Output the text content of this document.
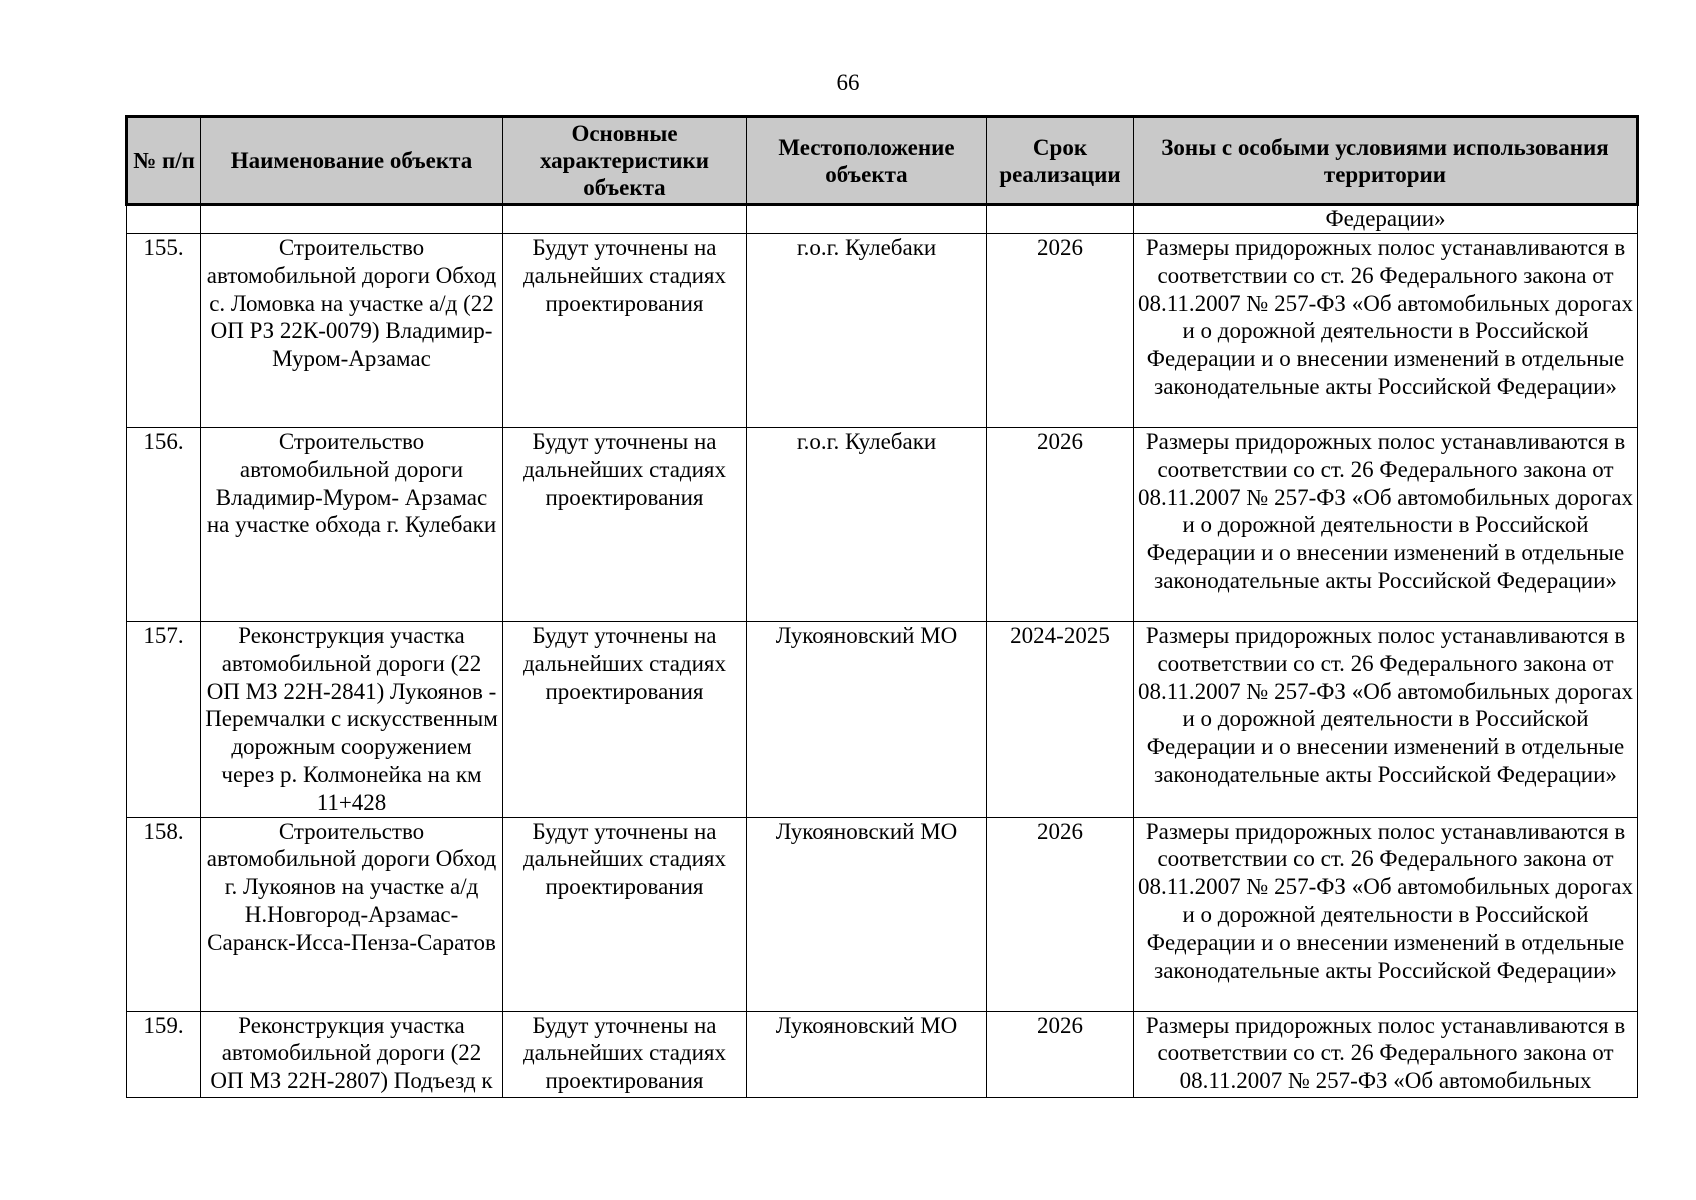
66
№ п/п	Наименование объекта	Основные характеристики объекта	Местоположение объекта	Срок реализации	Зоны с особыми условиями использования территории
					Федерации»
155.	Строительство автомобильной дороги Обход с. Ломовка на участке а/д (22 ОП РЗ 22К-0079) Владимир-Муром-Арзамас	Будут уточнены на дальнейших стадиях проектирования	г.о.г. Кулебаки	2026	Размеры придорожных полос устанавливаются в соответствии со ст. 26 Федерального закона от 08.11.2007 № 257-ФЗ «Об автомобильных дорогах и о дорожной деятельности в Российской Федерации и о внесении изменений в отдельные законодательные акты Российской Федерации»
156.	Строительство автомобильной дороги Владимир-Муром- Арзамас на участке обхода г. Кулебаки	Будут уточнены на дальнейших стадиях проектирования	г.о.г. Кулебаки	2026	Размеры придорожных полос устанавливаются в соответствии со ст. 26 Федерального закона от 08.11.2007 № 257-ФЗ «Об автомобильных дорогах и о дорожной деятельности в Российской Федерации и о внесении изменений в отдельные законодательные акты Российской Федерации»
157.	Реконструкция участка автомобильной дороги (22 ОП МЗ 22Н-2841) Лукоянов - Перемчалки с искусственным дорожным сооружением через р. Колмонейка на км 11+428	Будут уточнены на дальнейших стадиях проектирования	Лукояновский МО	2024-2025	Размеры придорожных полос устанавливаются в соответствии со ст. 26 Федерального закона от 08.11.2007 № 257-ФЗ «Об автомобильных дорогах и о дорожной деятельности в Российской Федерации и о внесении изменений в отдельные законодательные акты Российской Федерации»
158.	Строительство автомобильной дороги Обход г. Лукоянов на участке а/д Н.Новгород-Арзамас-Саранск-Исса-Пенза-Саратов	Будут уточнены на дальнейших стадиях проектирования	Лукояновский МО	2026	Размеры придорожных полос устанавливаются в соответствии со ст. 26 Федерального закона от 08.11.2007 № 257-ФЗ «Об автомобильных дорогах и о дорожной деятельности в Российской Федерации и о внесении изменений в отдельные законодательные акты Российской Федерации»
159.	Реконструкция участка автомобильной дороги (22 ОП МЗ 22Н-2807) Подъезд к	Будут уточнены на дальнейших стадиях проектирования	Лукояновский МО	2026	Размеры придорожных полос устанавливаются в соответствии со ст. 26 Федерального закона от 08.11.2007 № 257-ФЗ «Об автомобильных
